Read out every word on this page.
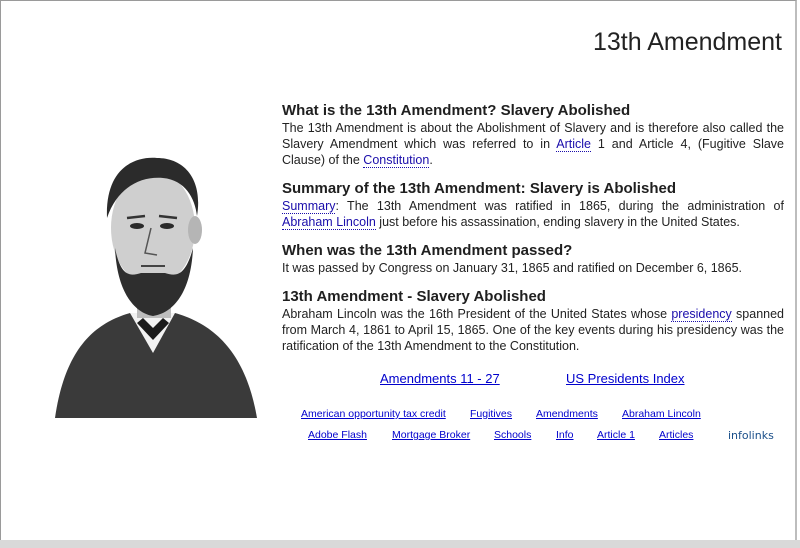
13th Amendment
What is the 13th Amendment? Slavery Abolished

The 13th Amendment is about the Abolishment of Slavery and is therefore also called the Slavery Amendment which was referred to in Article 1 and Article 4, (Fugitive Slave Clause) of the Constitution.

Summary of the 13th Amendment: Slavery is Abolished

Summary: The 13th Amendment was ratified in 1865, during the administration of Abraham Lincoln just before his assassination, ending slavery in the United States.

When was the 13th Amendment passed?

It was passed by Congress on January 31, 1865 and ratified on December 6, 1865.

13th Amendment - Slavery Abolished

Abraham Lincoln was the 16th President of the United States whose presidency spanned from March 4, 1861 to April 15, 1865. One of the key events during his presidency was the ratification of the 13th Amendment to the Constitution.

Amendments 11 - 27	US Presidents Index
American opportunity tax credit Fugitives Amendments Abraham Lincoln
Adobe Flash Mortgage Broker Schools Info Article 1 Articles	infolinks
